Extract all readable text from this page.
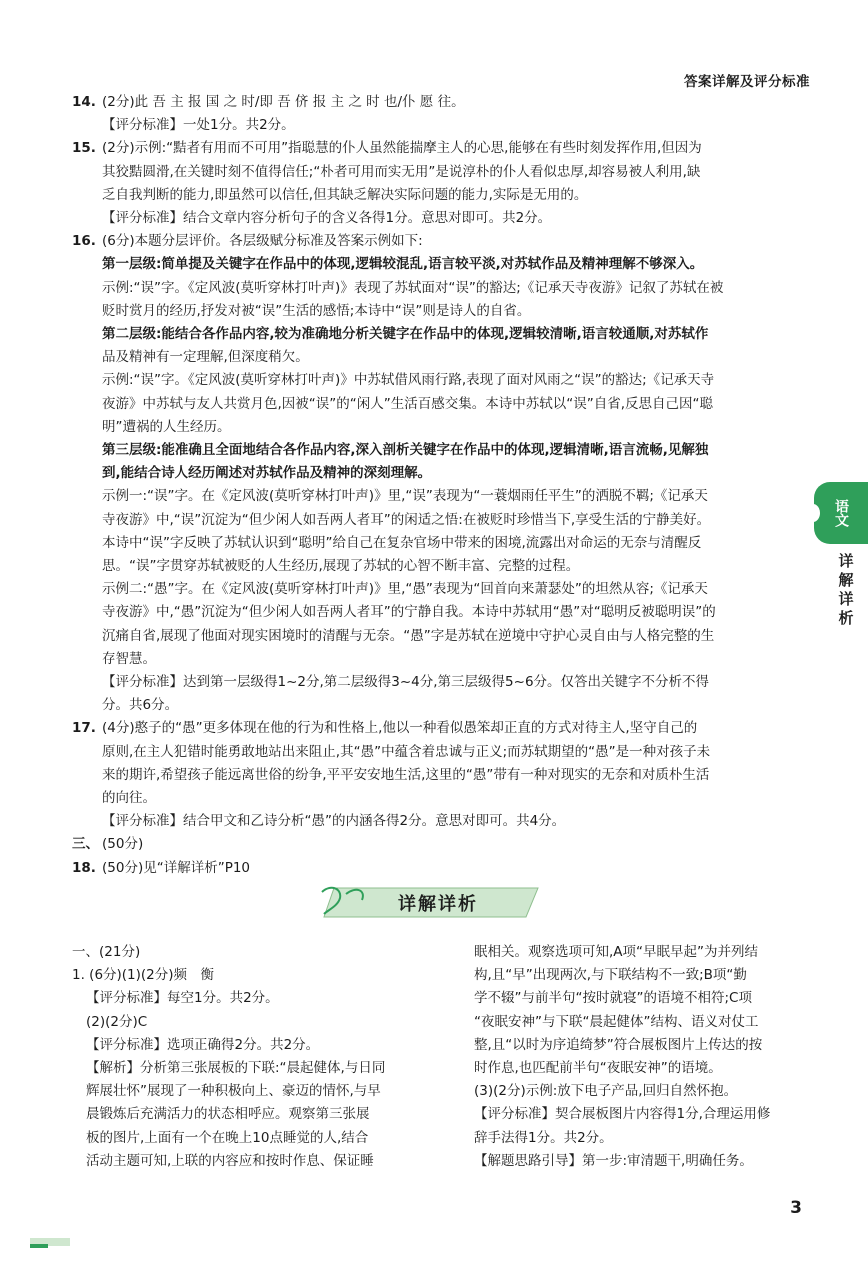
答案详解及评分标准
14. (2分)此 吾 主 报 国 之 时/即 吾 侪 报 主 之 时 也/仆 愿 往。
【评分标准】一处1分。共2分。
15. (2分)示例:“黠者有用而不可用”指聪慧的仆人虽然能揣摩主人的心思,能够在有些时刻发挥作用,但因为
其狡黠圆滑,在关键时刻不值得信任;“朴者可用而实无用”是说淳朴的仆人看似忠厚,却容易被人利用,缺
乏自我判断的能力,即虽然可以信任,但其缺乏解决实际问题的能力,实际是无用的。
【评分标准】结合文章内容分析句子的含义各得1分。意思对即可。共2分。
16. (6分)本题分层评价。各层级赋分标准及答案示例如下:
第一层级:简单提及关键字在作品中的体现,逻辑较混乱,语言较平淡,对苏轼作品及精神理解不够深入。
示例:“误”字。《定风波(莫听穿林打叶声)》表现了苏轼面对“误”的豁达;《记承天寺夜游》记叙了苏轼在被
贬时赏月的经历,抒发对被“误”生活的感悟;本诗中“误”则是诗人的自省。
第二层级:能结合各作品内容,较为准确地分析关键字在作品中的体现,逻辑较清晰,语言较通顺,对苏轼作
品及精神有一定理解,但深度稍欠。
示例:“误”字。《定风波(莫听穿林打叶声)》中苏轼借风雨行路,表现了面对风雨之“误”的豁达;《记承天寺
夜游》中苏轼与友人共赏月色,因被“误”的“闲人”生活百感交集。本诗中苏轼以“误”自省,反思自己因“聪
明”遭祸的人生经历。
第三层级:能准确且全面地结合各作品内容,深入剖析关键字在作品中的体现,逻辑清晰,语言流畅,见解独
到,能结合诗人经历阐述对苏轼作品及精神的深刻理解。
示例一:“误”字。在《定风波(莫听穿林打叶声)》里,“误”表现为“一蓑烟雨任平生”的洒脱不羁;《记承天
寺夜游》中,“误”沉淀为“但少闲人如吾两人者耳”的闲适之悟:在被贬时珍惜当下,享受生活的宁静美好。
本诗中“误”字反映了苏轼认识到“聪明”给自己在复杂官场中带来的困境,流露出对命运的无奈与清醒反
思。“误”字贯穿苏轼被贬的人生经历,展现了苏轼的心智不断丰富、完整的过程。
示例二:“愚”字。在《定风波(莫听穿林打叶声)》里,“愚”表现为“回首向来萧瑟处”的坦然从容;《记承天
寺夜游》中,“愚”沉淀为“但少闲人如吾两人者耳”的宁静自我。本诗中苏轼用“愚”对“聪明反被聪明误”的
沉痛自省,展现了他面对现实困境时的清醒与无奈。“愚”字是苏轼在逆境中守护心灵自由与人格完整的生
存智慧。
【评分标准】达到第一层级得1~2分,第二层级得3~4分,第三层级得5~6分。仅答出关键字不分析不得
分。共6分。
17. (4分)憨子的“愚”更多体现在他的行为和性格上,他以一种看似愚笨却正直的方式对待主人,坚守自己的
原则,在主人犯错时能勇敢地站出来阻止,其“愚”中蕴含着忠诚与正义;而苏轼期望的“愚”是一种对孩子未
来的期许,希望孩子能远离世俗的纷争,平平安安地生活,这里的“愚”带有一种对现实的无奈和对质朴生活
的向往。
【评分标准】结合甲文和乙诗分析“愚”的内涵各得2分。意思对即可。共4分。
三、 (50分)
18. (50分)见“详解详析”P10
语文
详解详析
详解详析
一、(21分)
1. (6分)(1)(2分)频　衡
【评分标准】每空1分。共2分。
(2)(2分)C
【评分标准】选项正确得2分。共2分。
【解析】分析第三张展板的下联:“晨起健体,与日同
辉展壮怀”展现了一种积极向上、豪迈的情怀,与早
晨锻炼后充满活力的状态相呼应。观察第三张展
板的图片,上面有一个在晚上10点睡觉的人,结合
活动主题可知,上联的内容应和按时作息、保证睡
眠相关。观察选项可知,A项“早眠早起”为并列结
构,且“早”出现两次,与下联结构不一致;B项“勤
学不辍”与前半句“按时就寝”的语境不相符;C项
“夜眠安神”与下联“晨起健体”结构、语义对仗工
整,且“以时为序追绮梦”符合展板图片上传达的按
时作息,也匹配前半句“夜眠安神”的语境。
(3)(2分)示例:放下电子产品,回归自然怀抱。
【评分标准】契合展板图片内容得1分,合理运用修
辞手法得1分。共2分。
【解题思路引导】第一步:审清题干,明确任务。
3
